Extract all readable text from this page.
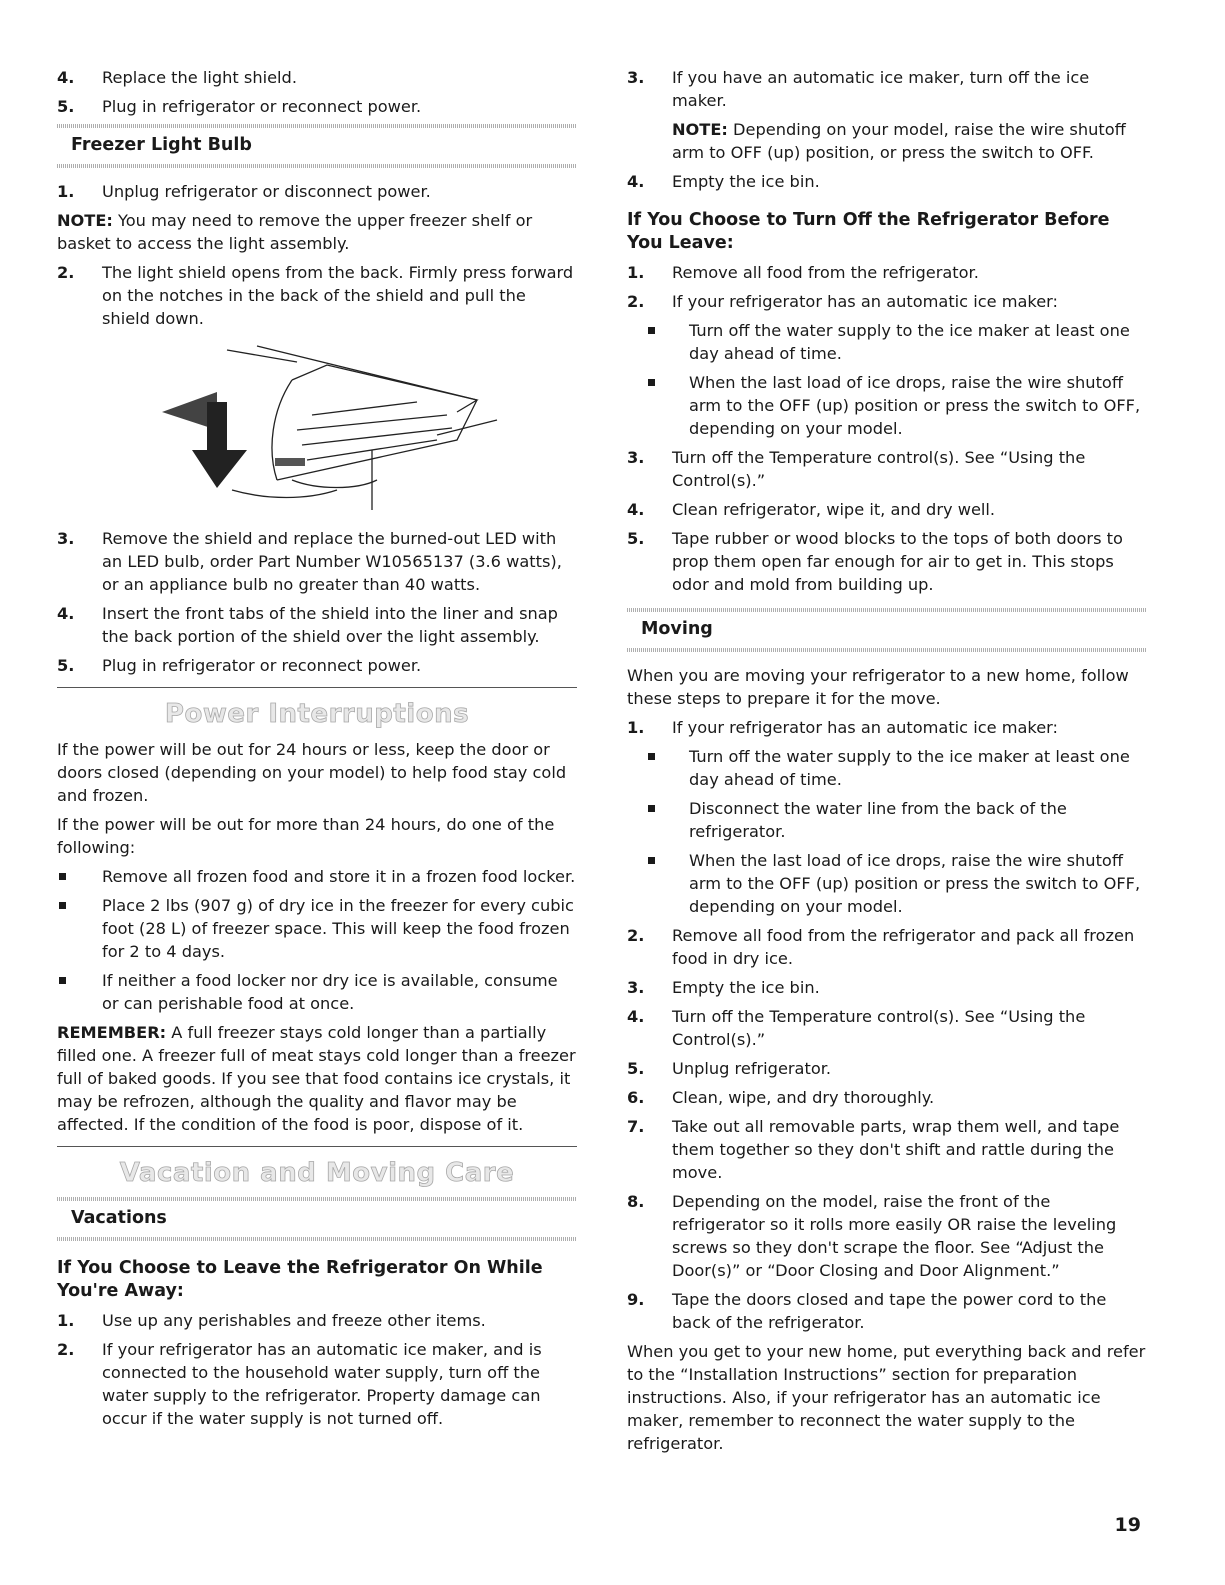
4. Replace the light shield.
5. Plug in refrigerator or reconnect power.
Freezer Light Bulb
1. Unplug refrigerator or disconnect power.
NOTE: You may need to remove the upper freezer shelf or basket to access the light assembly.
2. The light shield opens from the back. Firmly press forward on the notches in the back of the shield and pull the shield down.
3. Remove the shield and replace the burned-out LED with an LED bulb, order Part Number W10565137 (3.6 watts), or an appliance bulb no greater than 40 watts.
4. Insert the front tabs of the shield into the liner and snap the back portion of the shield over the light assembly.
5. Plug in refrigerator or reconnect power.
Power Interruptions
If the power will be out for 24 hours or less, keep the door or doors closed (depending on your model) to help food stay cold and frozen.
If the power will be out for more than 24 hours, do one of the following:
Remove all frozen food and store it in a frozen food locker.
Place 2 lbs (907 g) of dry ice in the freezer for every cubic foot (28 L) of freezer space. This will keep the food frozen for 2 to 4 days.
If neither a food locker nor dry ice is available, consume or can perishable food at once.
REMEMBER: A full freezer stays cold longer than a partially filled one. A freezer full of meat stays cold longer than a freezer full of baked goods. If you see that food contains ice crystals, it may be refrozen, although the quality and flavor may be affected. If the condition of the food is poor, dispose of it.
Vacation and Moving Care
Vacations
If You Choose to Leave the Refrigerator On While You're Away:
1. Use up any perishables and freeze other items.
2. If your refrigerator has an automatic ice maker, and is connected to the household water supply, turn off the water supply to the refrigerator. Property damage can occur if the water supply is not turned off.
3. If you have an automatic ice maker, turn off the ice maker.
NOTE: Depending on your model, raise the wire shutoff arm to OFF (up) position, or press the switch to OFF.
4. Empty the ice bin.
If You Choose to Turn Off the Refrigerator Before You Leave:
1. Remove all food from the refrigerator.
2. If your refrigerator has an automatic ice maker:
Turn off the water supply to the ice maker at least one day ahead of time.
When the last load of ice drops, raise the wire shutoff arm to the OFF (up) position or press the switch to OFF, depending on your model.
3. Turn off the Temperature control(s). See “Using the Control(s).”
4. Clean refrigerator, wipe it, and dry well.
5. Tape rubber or wood blocks to the tops of both doors to prop them open far enough for air to get in. This stops odor and mold from building up.
Moving
When you are moving your refrigerator to a new home, follow these steps to prepare it for the move.
1. If your refrigerator has an automatic ice maker:
Turn off the water supply to the ice maker at least one day ahead of time.
Disconnect the water line from the back of the refrigerator.
When the last load of ice drops, raise the wire shutoff arm to the OFF (up) position or press the switch to OFF, depending on your model.
2. Remove all food from the refrigerator and pack all frozen food in dry ice.
3. Empty the ice bin.
4. Turn off the Temperature control(s). See “Using the Control(s).”
5. Unplug refrigerator.
6. Clean, wipe, and dry thoroughly.
7. Take out all removable parts, wrap them well, and tape them together so they don't shift and rattle during the move.
8. Depending on the model, raise the front of the refrigerator so it rolls more easily OR raise the leveling screws so they don't scrape the floor. See “Adjust the Door(s)” or “Door Closing and Door Alignment.”
9. Tape the doors closed and tape the power cord to the back of the refrigerator.
When you get to your new home, put everything back and refer to the “Installation Instructions” section for preparation instructions. Also, if your refrigerator has an automatic ice maker, remember to reconnect the water supply to the refrigerator.
19
